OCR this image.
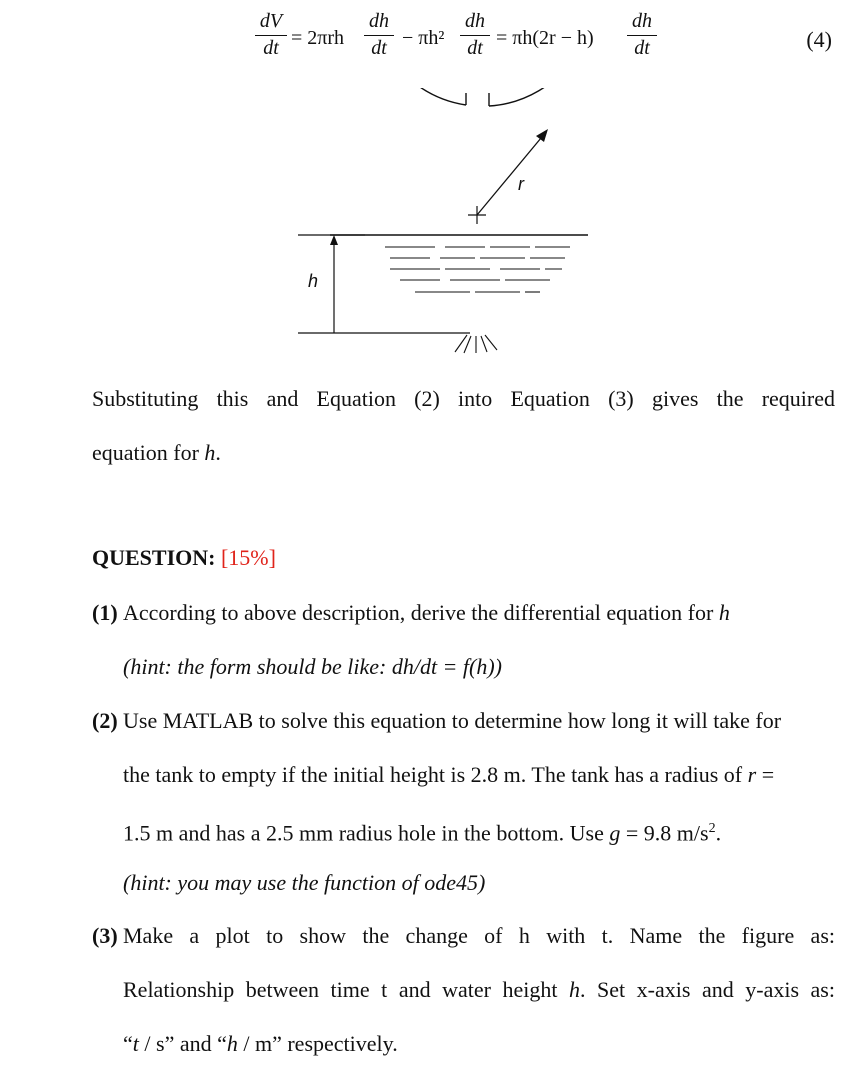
dV
dt = 2πrh
dh
dt − πh²
dh
dt = πh(2r − h)
dh
dt	(4)
r
h
Substituting this and Equation (2) into Equation (3) gives the required
equation for h.
QUESTION: [15%]
(1) According to above description, derive the differential equation for h
(hint: the form should be like: dh/dt = f(h))
(2) Use MATLAB to solve this equation to determine how long it will take for
the tank to empty if the initial height is 2.8 m. The tank has a radius of r =
1.5 m and has a 2.5 mm radius hole in the bottom. Use g = 9.8 $m/s^2$.
(hint: you may use the function of ode45)
(3) Make a plot to show the change of h with t. Name the figure as:
Relationship between time t and water height h. Set x-axis and y-axis as:
“t / s” and “h / m” respectively.
